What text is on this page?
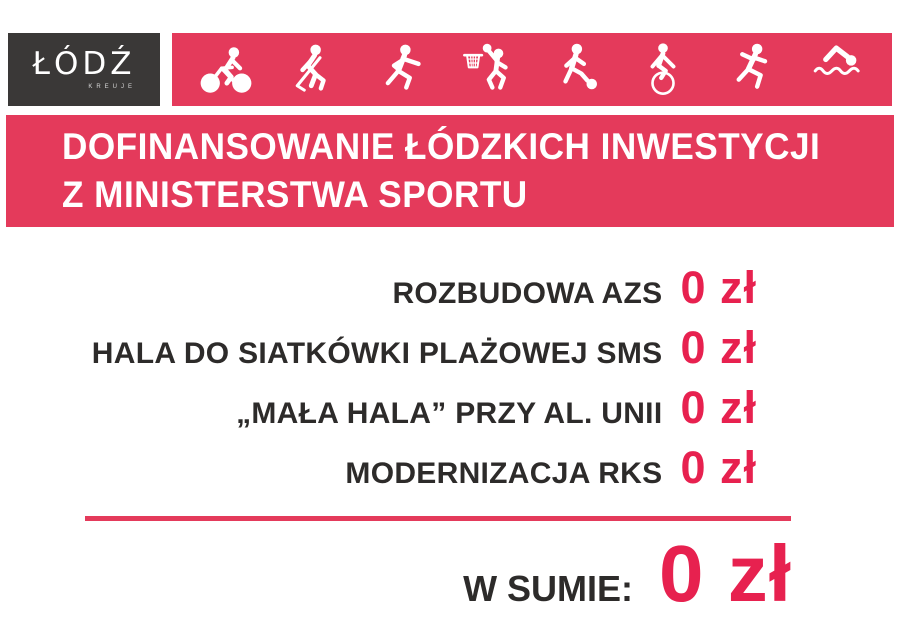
ŁÓDŹ
KREUJE
DOFINANSOWANIE ŁÓDZKICH INWESTYCJI
Z MINISTERSTWA SPORTU
ROZBUDOWA AZS 0 zł
HALA DO SIATKÓWKI PLAŻOWEJ SMS 0 zł
„MAŁA HALA” PRZY AL. UNII 0 zł
MODERNIZACJA RKS 0 zł
W SUMIE: 0 zł
